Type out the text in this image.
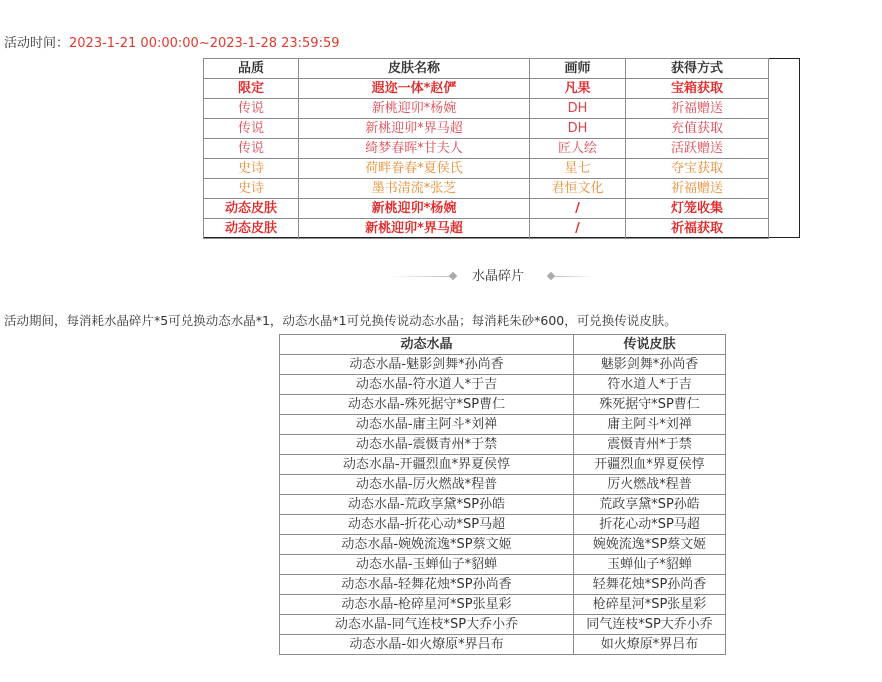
活动时间：2023-1-21 00:00:00~2023-1-28 23:59:59
品质	皮肤名称	画师	获得方式
限定	遐迩一体*赵俨	凡果	宝箱获取
传说	新桃迎卯*杨婉	DH	祈福赠送
传说	新桃迎卯*界马超	DH	充值获取
传说	绮梦春晖*甘夫人	匠人绘	活跃赠送
史诗	荷畔眷春*夏侯氏	星七	夺宝获取
史诗	墨书清流*张芝	君恒文化	祈福赠送
动态皮肤	新桃迎卯*杨婉	/	灯笼收集
动态皮肤	新桃迎卯*界马超	/	祈福获取
水晶碎片
活动期间，每消耗水晶碎片*5可兑换动态水晶*1，动态水晶*1可兑换传说动态水晶；每消耗朱砂*600，可兑换传说皮肤。
动态水晶	传说皮肤
动态水晶-魅影剑舞*孙尚香	魅影剑舞*孙尚香
动态水晶-符水道人*于吉	符水道人*于吉
动态水晶-殊死据守*SP曹仁	殊死据守*SP曹仁
动态水晶-庸主阿斗*刘禅	庸主阿斗*刘禅
动态水晶-震慑青州*于禁	震慑青州*于禁
动态水晶-开疆烈血*界夏侯惇	开疆烈血*界夏侯惇
动态水晶-厉火燃战*程普	厉火燃战*程普
动态水晶-荒政享黛*SP孙皓	荒政享黛*SP孙皓
动态水晶-折花心动*SP马超	折花心动*SP马超
动态水晶-婉娩流逸*SP蔡文姬	婉娩流逸*SP蔡文姬
动态水晶-玉蝉仙子*貂蝉	玉蝉仙子*貂蝉
动态水晶-轻舞花烛*SP孙尚香	轻舞花烛*SP孙尚香
动态水晶-枪碎星河*SP张星彩	枪碎星河*SP张星彩
动态水晶-同气连枝*SP大乔小乔	同气连枝*SP大乔小乔
动态水晶-如火燎原*界吕布	如火燎原*界吕布
